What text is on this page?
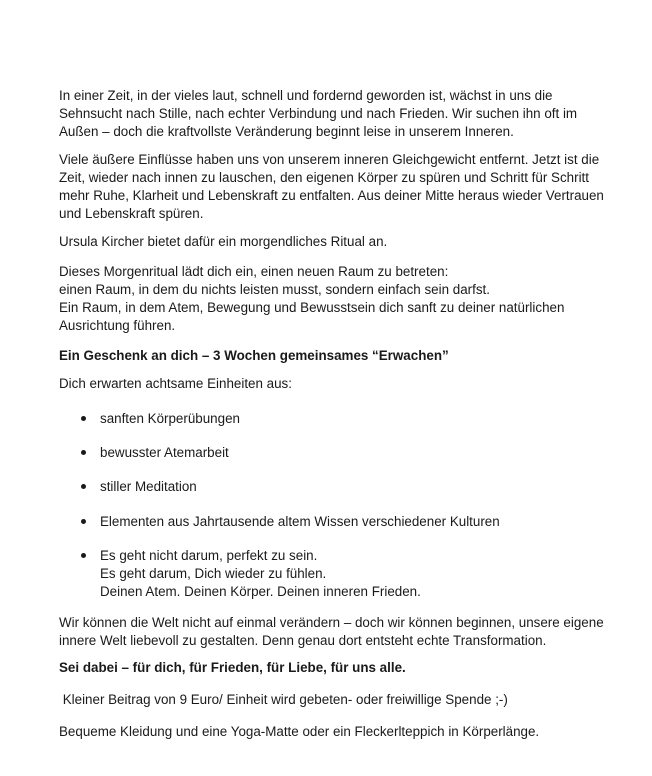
In einer Zeit, in der vieles laut, schnell und fordernd geworden ist, wächst in uns die
Sehnsucht nach Stille, nach echter Verbindung und nach Frieden. Wir suchen ihn oft im
Außen – doch die kraftvollste Veränderung beginnt leise in unserem Inneren.

Viele äußere Einflüsse haben uns von unserem inneren Gleichgewicht entfernt. Jetzt ist die
Zeit, wieder nach innen zu lauschen, den eigenen Körper zu spüren und Schritt für Schritt
mehr Ruhe, Klarheit und Lebenskraft zu entfalten. Aus deiner Mitte heraus wieder Vertrauen
und Lebenskraft spüren.

Ursula Kircher bietet dafür ein morgendliches Ritual an.

Dieses Morgenritual lädt dich ein, einen neuen Raum zu betreten:
einen Raum, in dem du nichts leisten musst, sondern einfach sein darfst.
Ein Raum, in dem Atem, Bewegung und Bewusstsein dich sanft zu deiner natürlichen
Ausrichtung führen.

Ein Geschenk an dich – 3 Wochen gemeinsames “Erwachen”

Dich erwarten achtsame Einheiten aus:

sanften Körperübungen
bewusster Atemarbeit
stiller Meditation
Elementen aus Jahrtausende altem Wissen verschiedener Kulturen
Es geht nicht darum, perfekt zu sein.
Es geht darum, Dich wieder zu fühlen.
Deinen Atem. Deinen Körper. Deinen inneren Frieden.

Wir können die Welt nicht auf einmal verändern – doch wir können beginnen, unsere eigene
innere Welt liebevoll zu gestalten. Denn genau dort entsteht echte Transformation.

Sei dabei – für dich, für Frieden, für Liebe, für uns alle.

Kleiner Beitrag von 9 Euro/ Einheit wird gebeten- oder freiwillige Spende ;-)

Bequeme Kleidung und eine Yoga-Matte oder ein Fleckerlteppich in Körperlänge.
